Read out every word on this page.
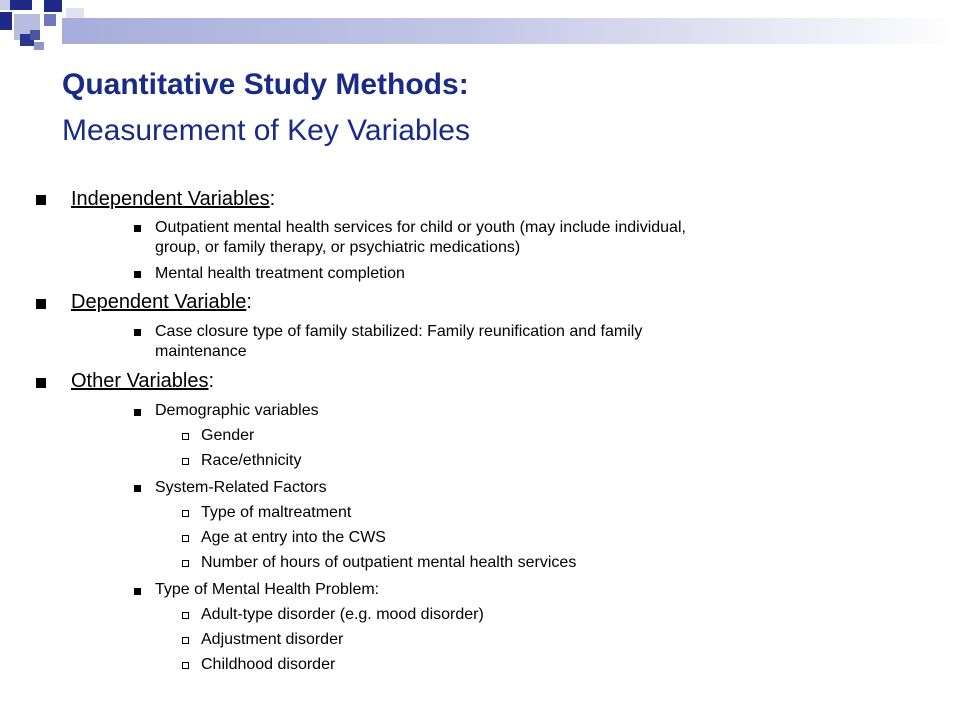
Quantitative Study Methods:
Measurement of Key Variables
Independent Variables:
Outpatient mental health services for child or youth (may include individual,
group, or family therapy, or psychiatric medications)
Mental health treatment completion
Dependent Variable:
Case closure type of family stabilized: Family reunification and family
maintenance
Other Variables:
Demographic variables
Gender
Race/ethnicity
System-Related Factors
Type of maltreatment
Age at entry into the CWS
Number of hours of outpatient mental health services
Type of Mental Health Problem:
Adult-type disorder (e.g. mood disorder)
Adjustment disorder
Childhood disorder
